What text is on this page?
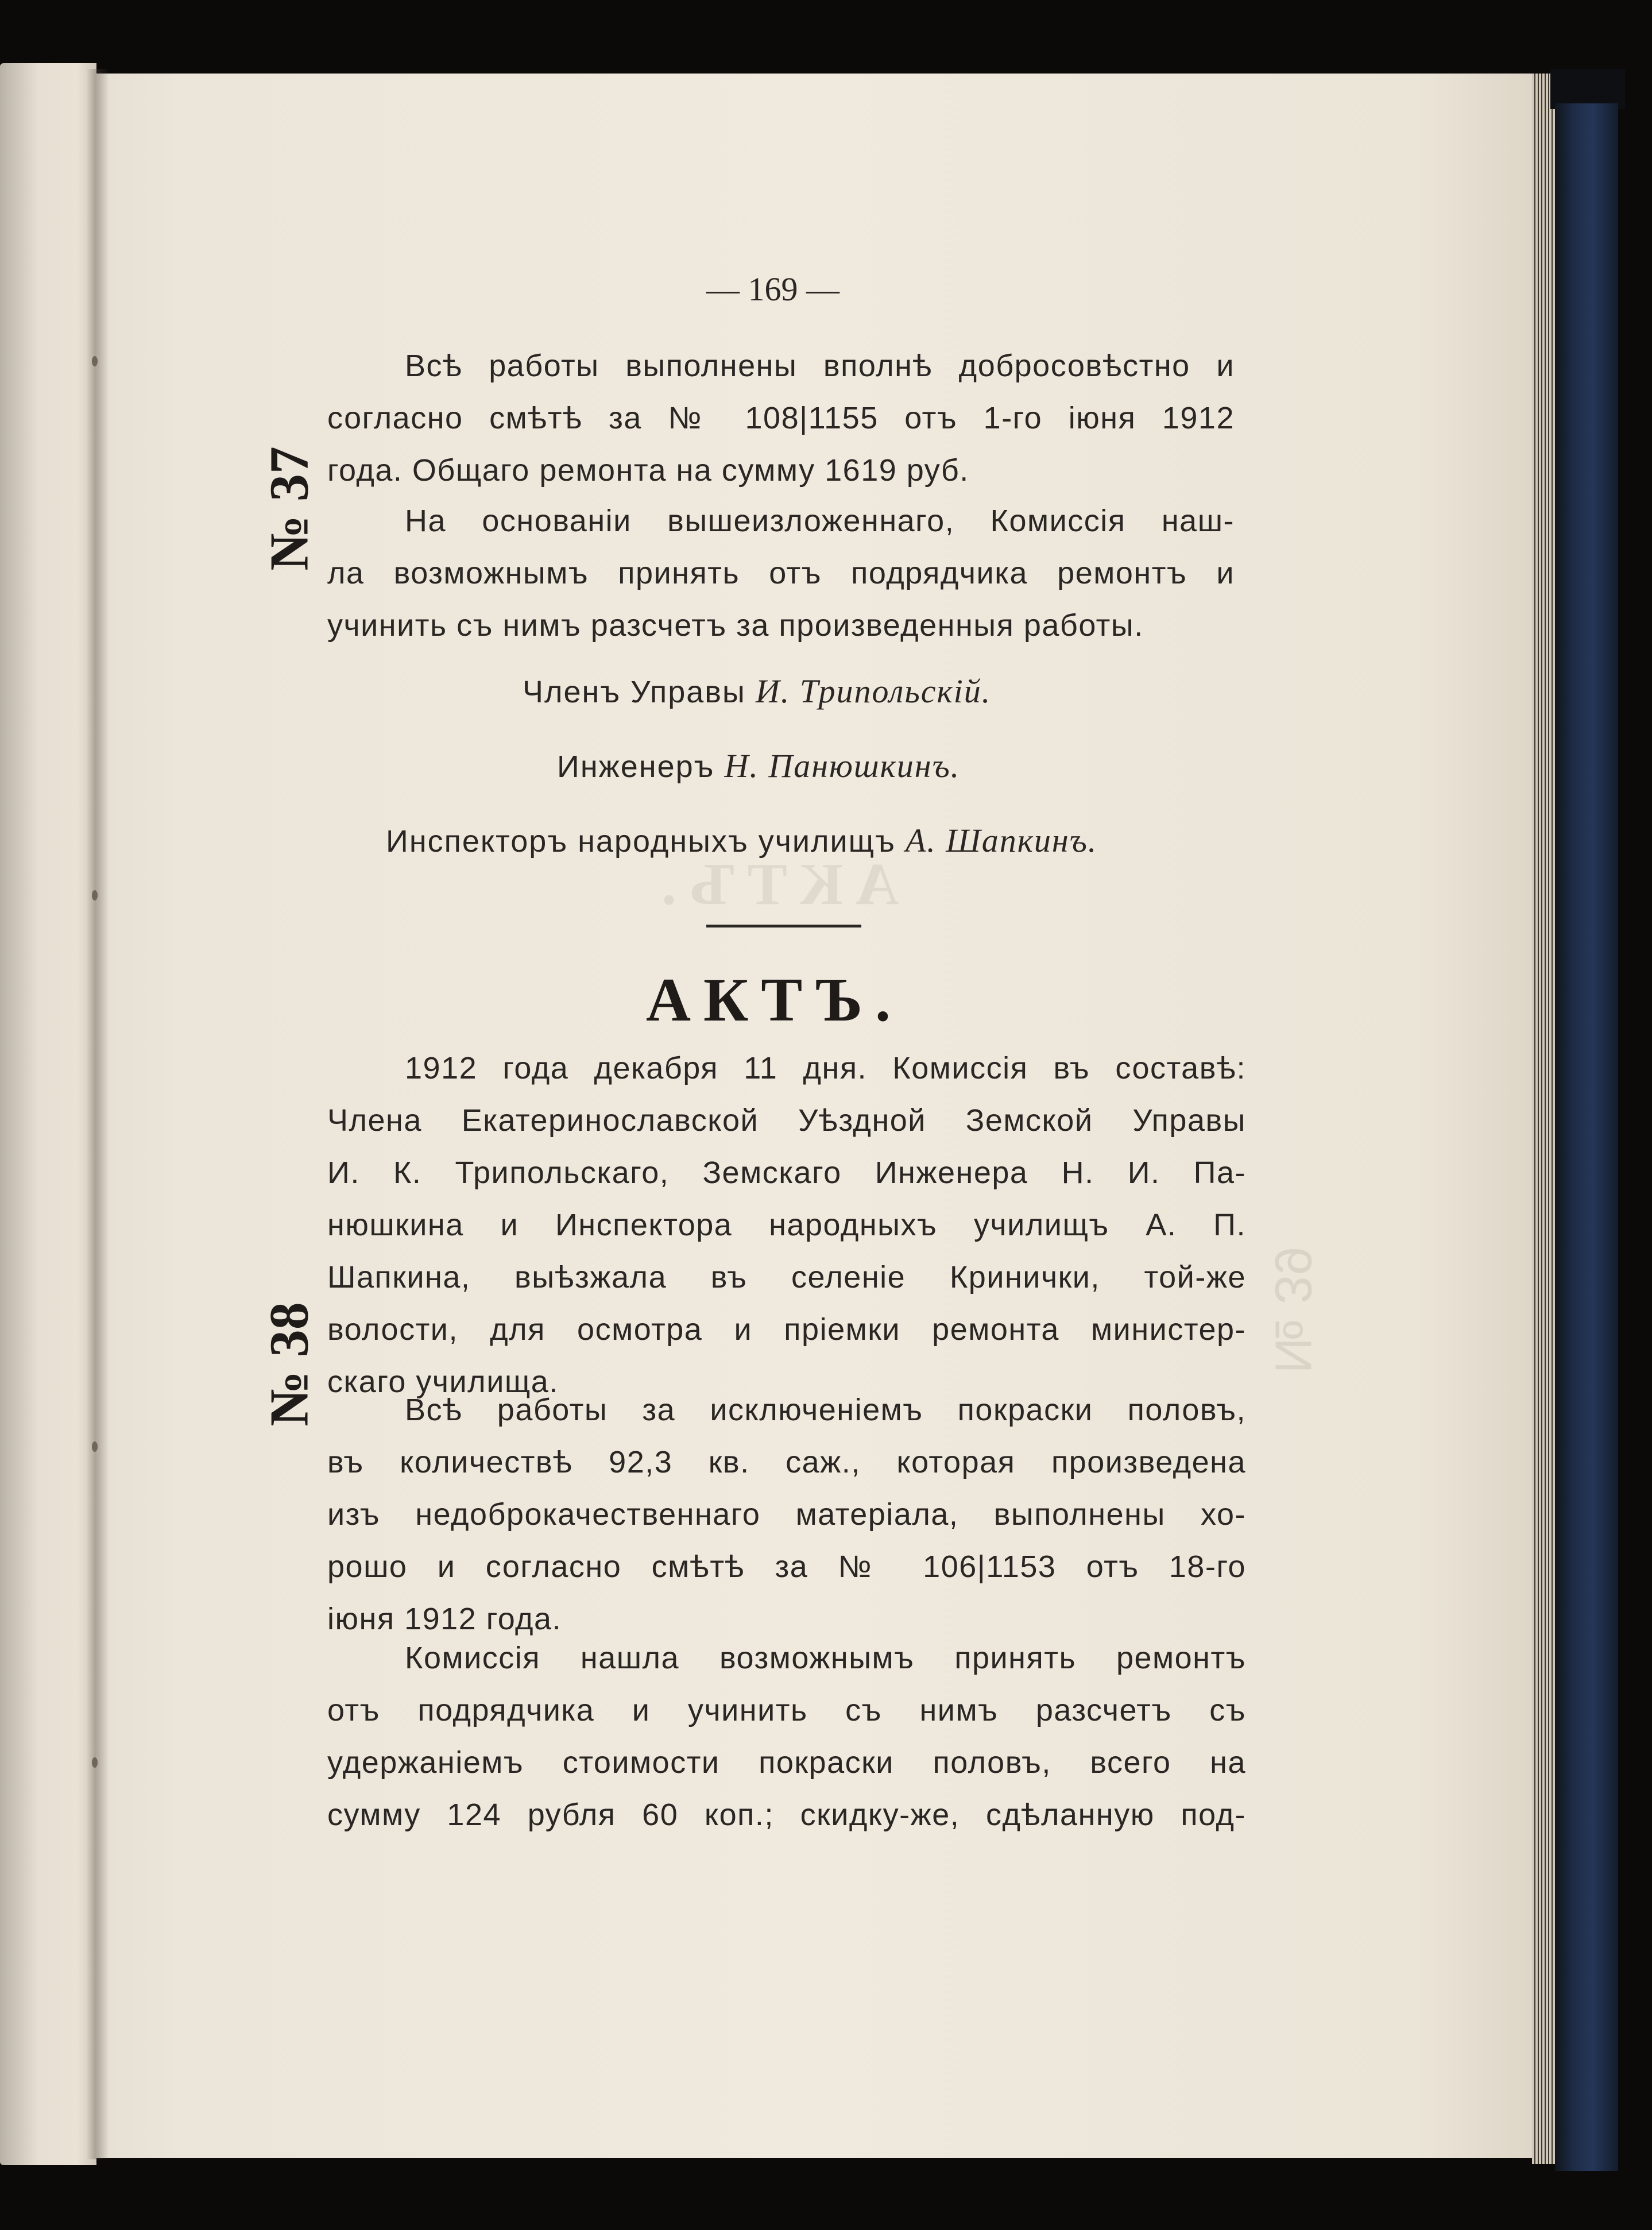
АКТЪ.
№ 39
— 169 —
№ 37
№ 38
Всѣ работы выполнены вполнѣ добросовѣстно и
согласно смѣтѣ за № 108|1155 отъ 1-го іюня 1912
года. Общаго ремонта на сумму 1619 руб.
На основаніи вышеизложеннаго, Комиссія наш-
ла возможнымъ принять отъ подрядчика ремонтъ и
учинить съ нимъ разсчетъ за произведенныя работы.
Членъ Управы И. Трипольскій.
Инженеръ Н. Панюшкинъ.
Инспекторъ народныхъ училищъ А. Шапкинъ.
АКТЪ.
1912 года декабря 11 дня. Комиссія въ составѣ:
Члена Екатеринославской Уѣздной Земской Управы
И. К. Трипольскаго, Земскаго Инженера Н. И. Па-
нюшкина и Инспектора народныхъ училищъ А. П.
Шапкина, выѣзжала въ селеніе Кринички, той-же
волости, для осмотра и пріемки ремонта министер-
скаго училища.
Всѣ работы за исключеніемъ покраски половъ,
въ количествѣ 92,3 кв. саж., которая произведена
изъ недоброкачественнаго матеріала, выполнены хо-
рошо и согласно смѣтѣ за № 106|1153 отъ 18-го
іюня 1912 года.
Комиссія нашла возможнымъ принять ремонтъ
отъ подрядчика и учинить съ нимъ разсчетъ съ
удержаніемъ стоимости покраски половъ, всего на
сумму 124 рубля 60 коп.; скидку-же, сдѣланную под-
